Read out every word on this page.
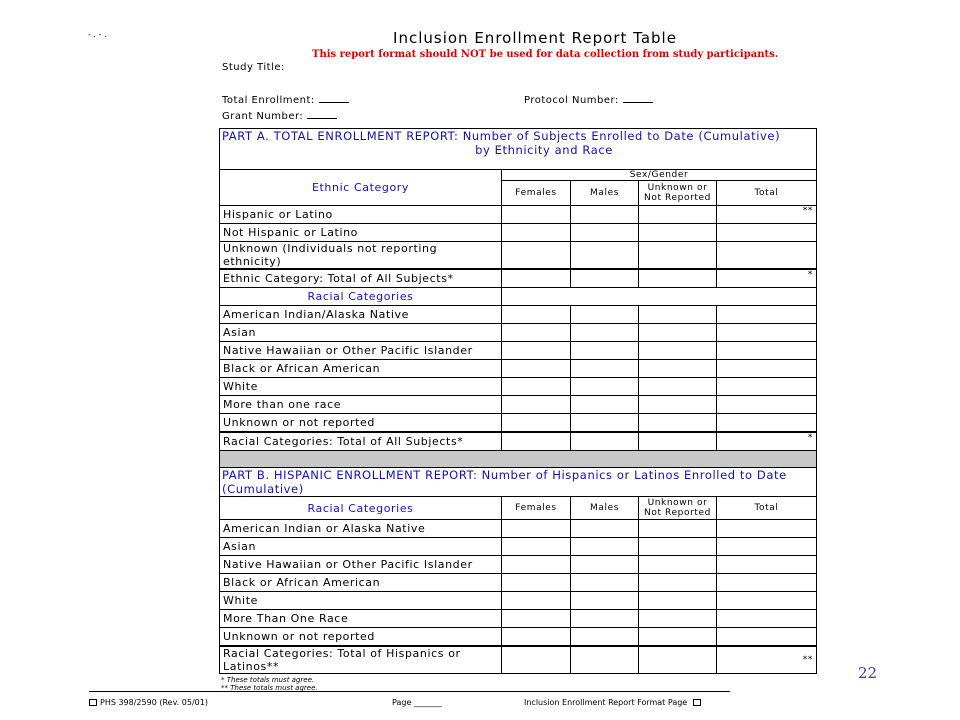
- . - .	Inclusion Enrollment Report Table
This report format should NOT be used for data collection from study participants.
Study Title:
Total Enrollment:	Protocol Number:
Grant Number:
PART A. TOTAL ENROLLMENT REPORT: Number of Subjects Enrolled to Date (Cumulative)
by Ethnicity and Race				

Ethnic Category	Sex/Gender			
	Females	Males	Unknown or Not Reported	Total
Hispanic or Latino				**
Not Hispanic or Latino				
Unknown (Individuals not reporting ethnicity)				
Ethnic Category: Total of All Subjects*				*
Racial Categories				
American Indian/Alaska Native				
Asian				
Native Hawaiian or Other Pacific Islander				
Black or African American				
White				
More than one race				
Unknown or not reported				
Racial Categories: Total of All Subjects*				*

PART B. HISPANIC ENROLLMENT REPORT: Number of Hispanics or Latinos Enrolled to Date (Cumulative)				
Racial Categories	Females	Males	Unknown or Not Reported	Total
American Indian or Alaska Native				
Asian				
Native Hawaiian or Other Pacific Islander				
Black or African American				
White				
More Than One Race				
Unknown or not reported				
Racial Categories: Total of Hispanics or Latinos**				**
* These totals must agree.
** These totals must agree.
PHS 398/2590 (Rev. 05/01)	Page _______	Inclusion Enrollment Report Format Page
22
